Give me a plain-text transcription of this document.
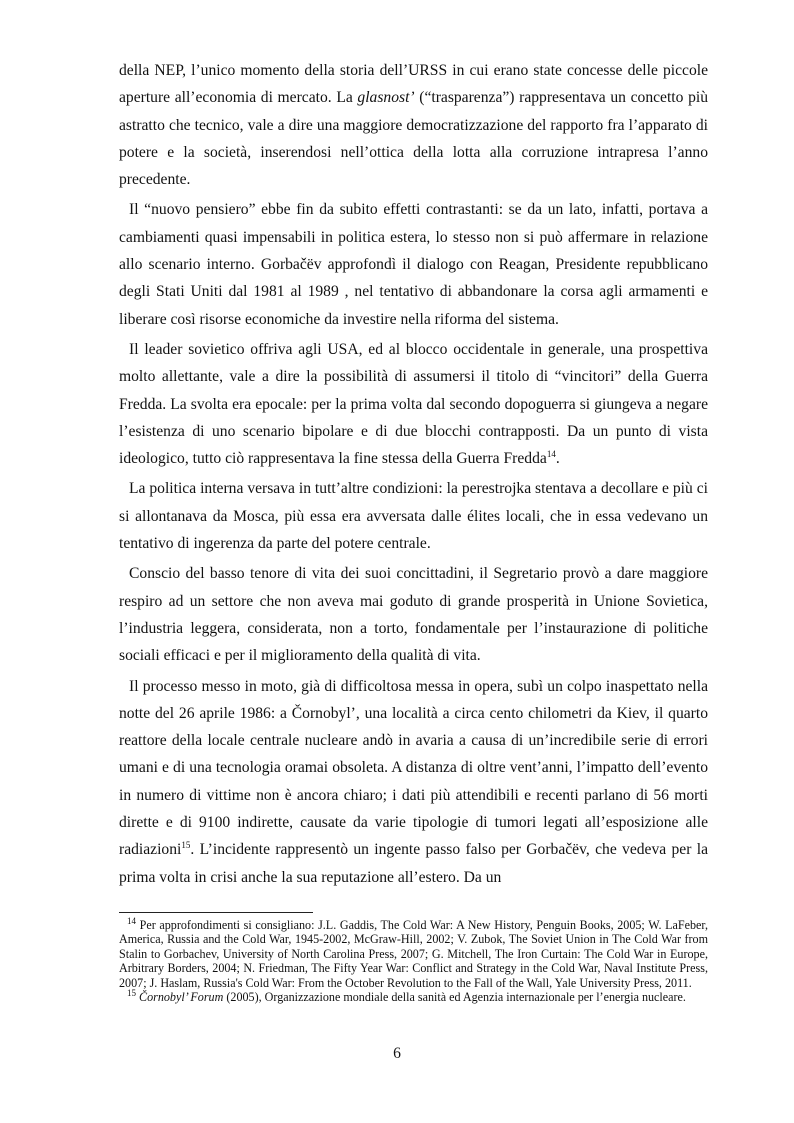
della NEP, l’unico momento della storia dell’URSS in cui erano state concesse delle piccole aperture all’economia di mercato. La glasnost’ (“trasparenza”) rappresentava un concetto più astratto che tecnico, vale a dire una maggiore democratizzazione del rapporto fra l’apparato di potere e la società, inserendosi nell’ottica della lotta alla corruzione intrapresa l’anno precedente.

Il “nuovo pensiero” ebbe fin da subito effetti contrastanti: se da un lato, infatti, portava a cambiamenti quasi impensabili in politica estera, lo stesso non si può affermare in relazione allo scenario interno. Gorbačëv approfondì il dialogo con Reagan, Presidente repubblicano degli Stati Uniti dal 1981 al 1989 , nel tentativo di abbandonare la corsa agli armamenti e liberare così risorse economiche da investire nella riforma del sistema.

Il leader sovietico offriva agli USA, ed al blocco occidentale in generale, una prospettiva molto allettante, vale a dire la possibilità di assumersi il titolo di “vincitori” della Guerra Fredda. La svolta era epocale: per la prima volta dal secondo dopoguerra si giungeva a negare l’esistenza di uno scenario bipolare e di due blocchi contrapposti. Da un punto di vista ideologico, tutto ciò rappresentava la fine stessa della Guerra Fredda$^{14}$.

La politica interna versava in tutt’altre condizioni: la perestrojka stentava a decollare e più ci si allontanava da Mosca, più essa era avversata dalle élites locali, che in essa vedevano un tentativo di ingerenza da parte del potere centrale.

Conscio del basso tenore di vita dei suoi concittadini, il Segretario provò a dare maggiore respiro ad un settore che non aveva mai goduto di grande prosperità in Unione Sovietica, l’industria leggera, considerata, non a torto, fondamentale per l’instaurazione di politiche sociali efficaci e per il miglioramento della qualità di vita.

Il processo messo in moto, già di difficoltosa messa in opera, subì un colpo inaspettato nella notte del 26 aprile 1986: a Čornobyl’, una località a circa cento chilometri da Kiev, il quarto reattore della locale centrale nucleare andò in avaria a causa di un’incredibile serie di errori umani e di una tecnologia oramai obsoleta. A distanza di oltre vent’anni, l’impatto dell’evento in numero di vittime non è ancora chiaro; i dati più attendibili e recenti parlano di 56 morti dirette e di 9100 indirette, causate da varie tipologie di tumori legati all’esposizione alle radiazioni$^{15}$. L’incidente rappresentò un ingente passo falso per Gorbačëv, che vedeva per la prima volta in crisi anche la sua reputazione all’estero. Da un

$^{14}$ Per approfondimenti si consigliano: J.L. Gaddis, The Cold War: A New History, Penguin Books, 2005; W. LaFeber, America, Russia and the Cold War, 1945-2002, McGraw-Hill, 2002; V. Zubok, The Soviet Union in The Cold War from Stalin to Gorbachev, University of North Carolina Press, 2007; G. Mitchell, The Iron Curtain: The Cold War in Europe, Arbitrary Borders, 2004; N. Friedman, The Fifty Year War: Conflict and Strategy in the Cold War, Naval Institute Press, 2007; J. Haslam, Russia's Cold War: From the October Revolution to the Fall of the Wall, Yale University Press, 2011.

$^{15}$ Čornobyl’ Forum (2005), Organizzazione mondiale della sanità ed Agenzia internazionale per l’energia nucleare.

6
